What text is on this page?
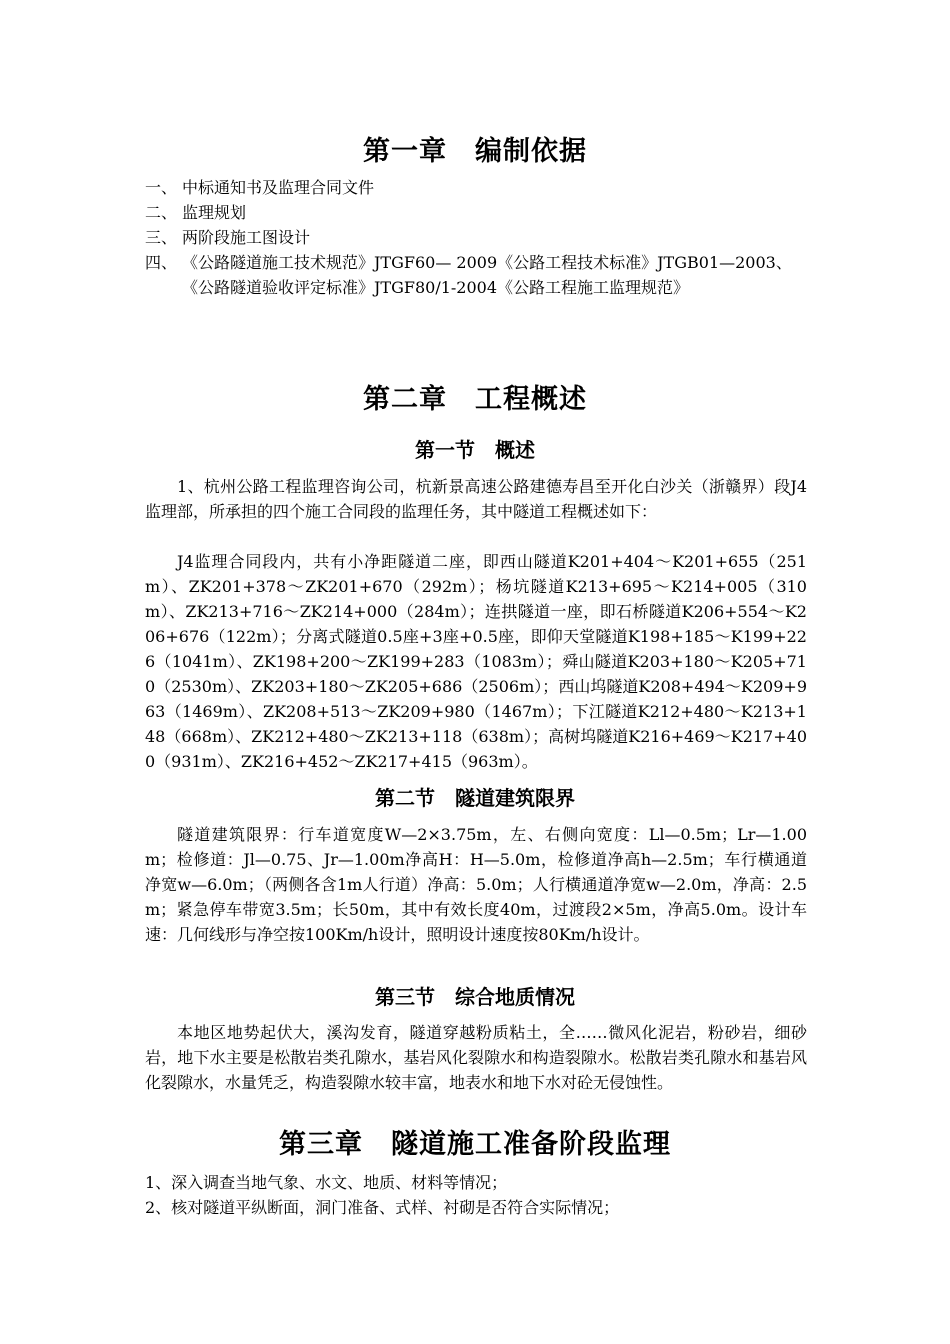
第一章　编制依据
一、 中标通知书及监理合同文件
二、 监理规划
三、 两阶段施工图设计
四、 《公路隧道施工技术规范》JTGF60— 2009《公路工程技术标准》JTGB01—2003、《公路隧道验收评定标准》JTGF80/1-2004《公路工程施工监理规范》
第二章　工程概述
第一节　概述

1、杭州公路工程监理咨询公司，杭新景高速公路建德寿昌至开化白沙关（浙赣界）段J4监理部，所承担的四个施工合同段的监理任务，其中隧道工程概述如下：

J4监理合同段内，共有小净距隧道二座，即西山隧道K201+404～K201+655（251m）、ZK201+378～ZK201+670（292m）；杨坑隧道K213+695～K214+005（310m）、ZK213+716～ZK214+000（284m）；连拱隧道一座，即石桥隧道K206+554～K206+676（122m）；分离式隧道0.5座+3座+0.5座，即仰天堂隧道K198+185～K199+226（1041m）、ZK198+200～ZK199+283（1083m）；舜山隧道K203+180～K205+710（2530m）、ZK203+180～ZK205+686（2506m）；西山坞隧道K208+494～K209+963（1469m）、ZK208+513～ZK209+980（1467m）；下江隧道K212+480～K213+148（668m）、ZK212+480～ZK213+118（638m）；高树坞隧道K216+469～K217+400（931m）、ZK216+452～ZK217+415（963m）。

第二节　隧道建筑限界

隧道建筑限界：行车道宽度W—2×3.75m，左、右侧向宽度：Ll—0.5m；Lr—1.00m；检修道：Jl—0.75、Jr—1.00m净高H：H—5.0m，检修道净高h—2.5m；车行横通道净宽w—6.0m；（两侧各含1m人行道）净高：5.0m；人行横通道净宽w—2.0m，净高：2.5m；紧急停车带宽3.5m；长50m，其中有效长度40m，过渡段2×5m，净高5.0m。设计车速：几何线形与净空按100Km/h设计，照明设计速度按80Km/h设计。

第三节　综合地质情况

本地区地势起伏大，溪沟发育，隧道穿越粉质粘土，全……微风化泥岩，粉砂岩，细砂岩，地下水主要是松散岩类孔隙水，基岩风化裂隙水和构造裂隙水。松散岩类孔隙水和基岩风化裂隙水，水量凭乏，构造裂隙水较丰富，地表水和地下水对砼无侵蚀性。

第三章　隧道施工准备阶段监理

1、深入调查当地气象、水文、地质、材料等情况；

2、核对隧道平纵断面，洞门准备、式样、衬砌是否符合实际情况；
